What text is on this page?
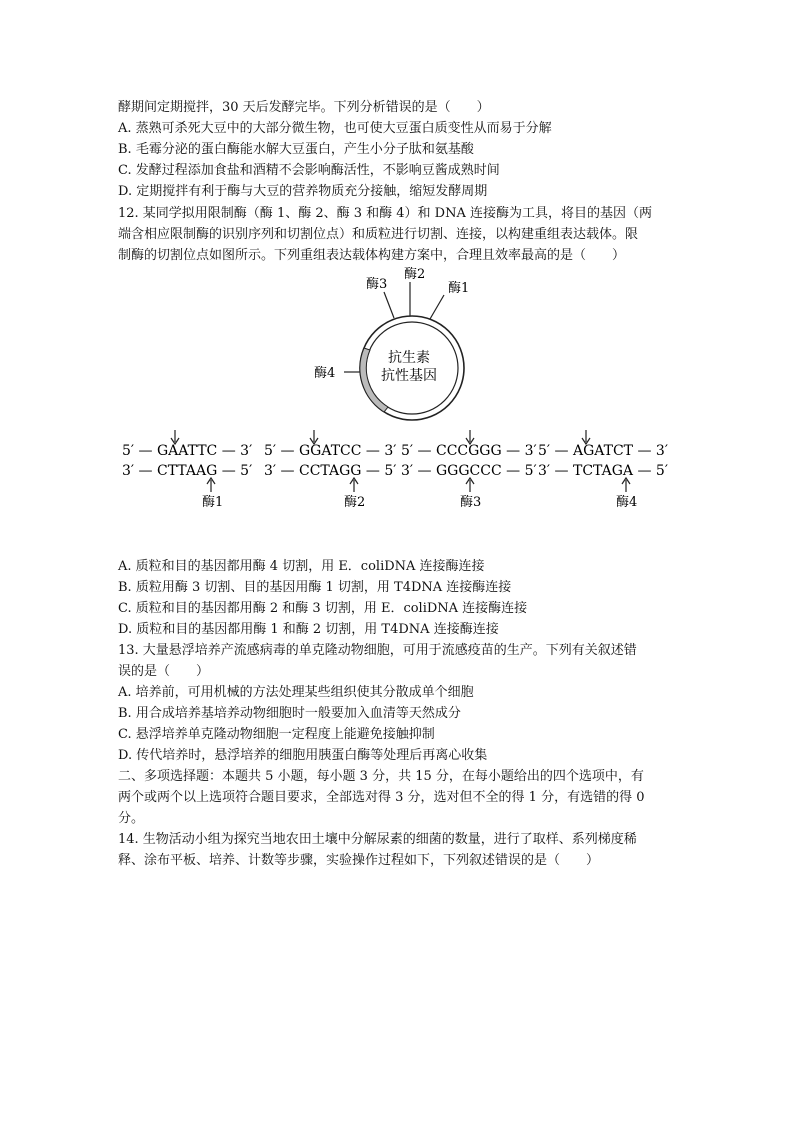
酵期间定期搅拌，30 天后发酵完毕。下列分析错误的是（　　）
A. 蒸熟可杀死大豆中的大部分微生物，也可使大豆蛋白质变性从而易于分解
B. 毛霉分泌的蛋白酶能水解大豆蛋白，产生小分子肽和氨基酸
C. 发酵过程添加食盐和酒精不会影响酶活性，不影响豆酱成熟时间
D. 定期搅拌有利于酶与大豆的营养物质充分接触，缩短发酵周期
12. 某同学拟用限制酶（酶 1、酶 2、酶 3 和酶 4）和 DNA 连接酶为工具，将目的基因（两
端含相应限制酶的识别序列和切割位点）和质粒进行切割、连接，以构建重组表达载体。限
制酶的切割位点如图所示。下列重组表达载体构建方案中，合理且效率最高的是（　　）
酶3
酶2
酶1
酶4
抗生素
抗性基因
5′ — GAATTC — 3′
3′ — CTTAAG — 5′
酶1
5′ — GGATCC — 3′
3′ — CCTAGG — 5′
酶2
5′ — CCCGGG — 3′
3′ — GGGCCC — 5′
酶3
5′ — AGATCT — 3′
3′ — TCTAGA — 5′
酶4
A. 质粒和目的基因都用酶 4 切割，用 E．coliDNA 连接酶连接
B. 质粒用酶 3 切割、目的基因用酶 1 切割，用 T4DNA 连接酶连接
C. 质粒和目的基因都用酶 2 和酶 3 切割，用 E．coliDNA 连接酶连接
D. 质粒和目的基因都用酶 1 和酶 2 切割，用 T4DNA 连接酶连接
13. 大量悬浮培养产流感病毒的单克隆动物细胞，可用于流感疫苗的生产。下列有关叙述错
误的是（　　）
A. 培养前，可用机械的方法处理某些组织使其分散成单个细胞
B. 用合成培养基培养动物细胞时一般要加入血清等天然成分
C. 悬浮培养单克隆动物细胞一定程度上能避免接触抑制
D. 传代培养时，悬浮培养的细胞用胰蛋白酶等处理后再离心收集
二、多项选择题：本题共 5 小题，每小题 3 分，共 15 分，在每小题给出的四个选项中，有
两个或两个以上选项符合题目要求，全部选对得 3 分，选对但不全的得 1 分，有选错的得 0
分。
14. 生物活动小组为探究当地农田土壤中分解尿素的细菌的数量，进行了取样、系列梯度稀
释、涂布平板、培养、计数等步骤，实验操作过程如下，下列叙述错误的是（　　）
